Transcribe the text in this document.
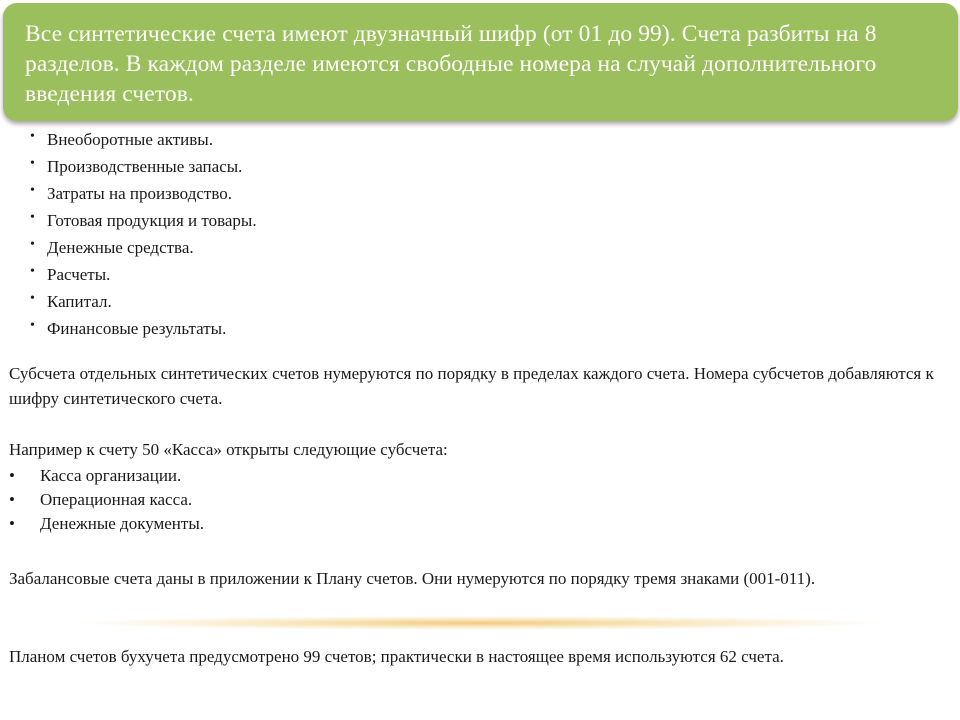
Все синтетические счета имеют двузначный шифр (от 01 до 99). Счета разбиты на 8 разделов. В каждом разделе имеются свободные номера на случай дополнительного введения счетов.

• Внеоборотные активы.
• Производственные запасы.
• Затраты на производство.
• Готовая продукция и товары.
• Денежные средства.
• Расчеты.
• Капитал.
• Финансовые результаты.

Субсчета отдельных синтетических счетов нумеруются по порядку в пределах каждого счета. Номера субсчетов добавляются к шифру синтетического счета.

Например к счету 50 «Касса» открыты следующие субсчета:

• Касса организации.
• Операционная касса.
• Денежные документы.

Забалансовые счета даны в приложении к Плану счетов. Они нумеруются по порядку тремя знаками (001-011).

Планом счетов бухучета предусмотрено 99 счетов; практически в настоящее время используются 62 счета.
